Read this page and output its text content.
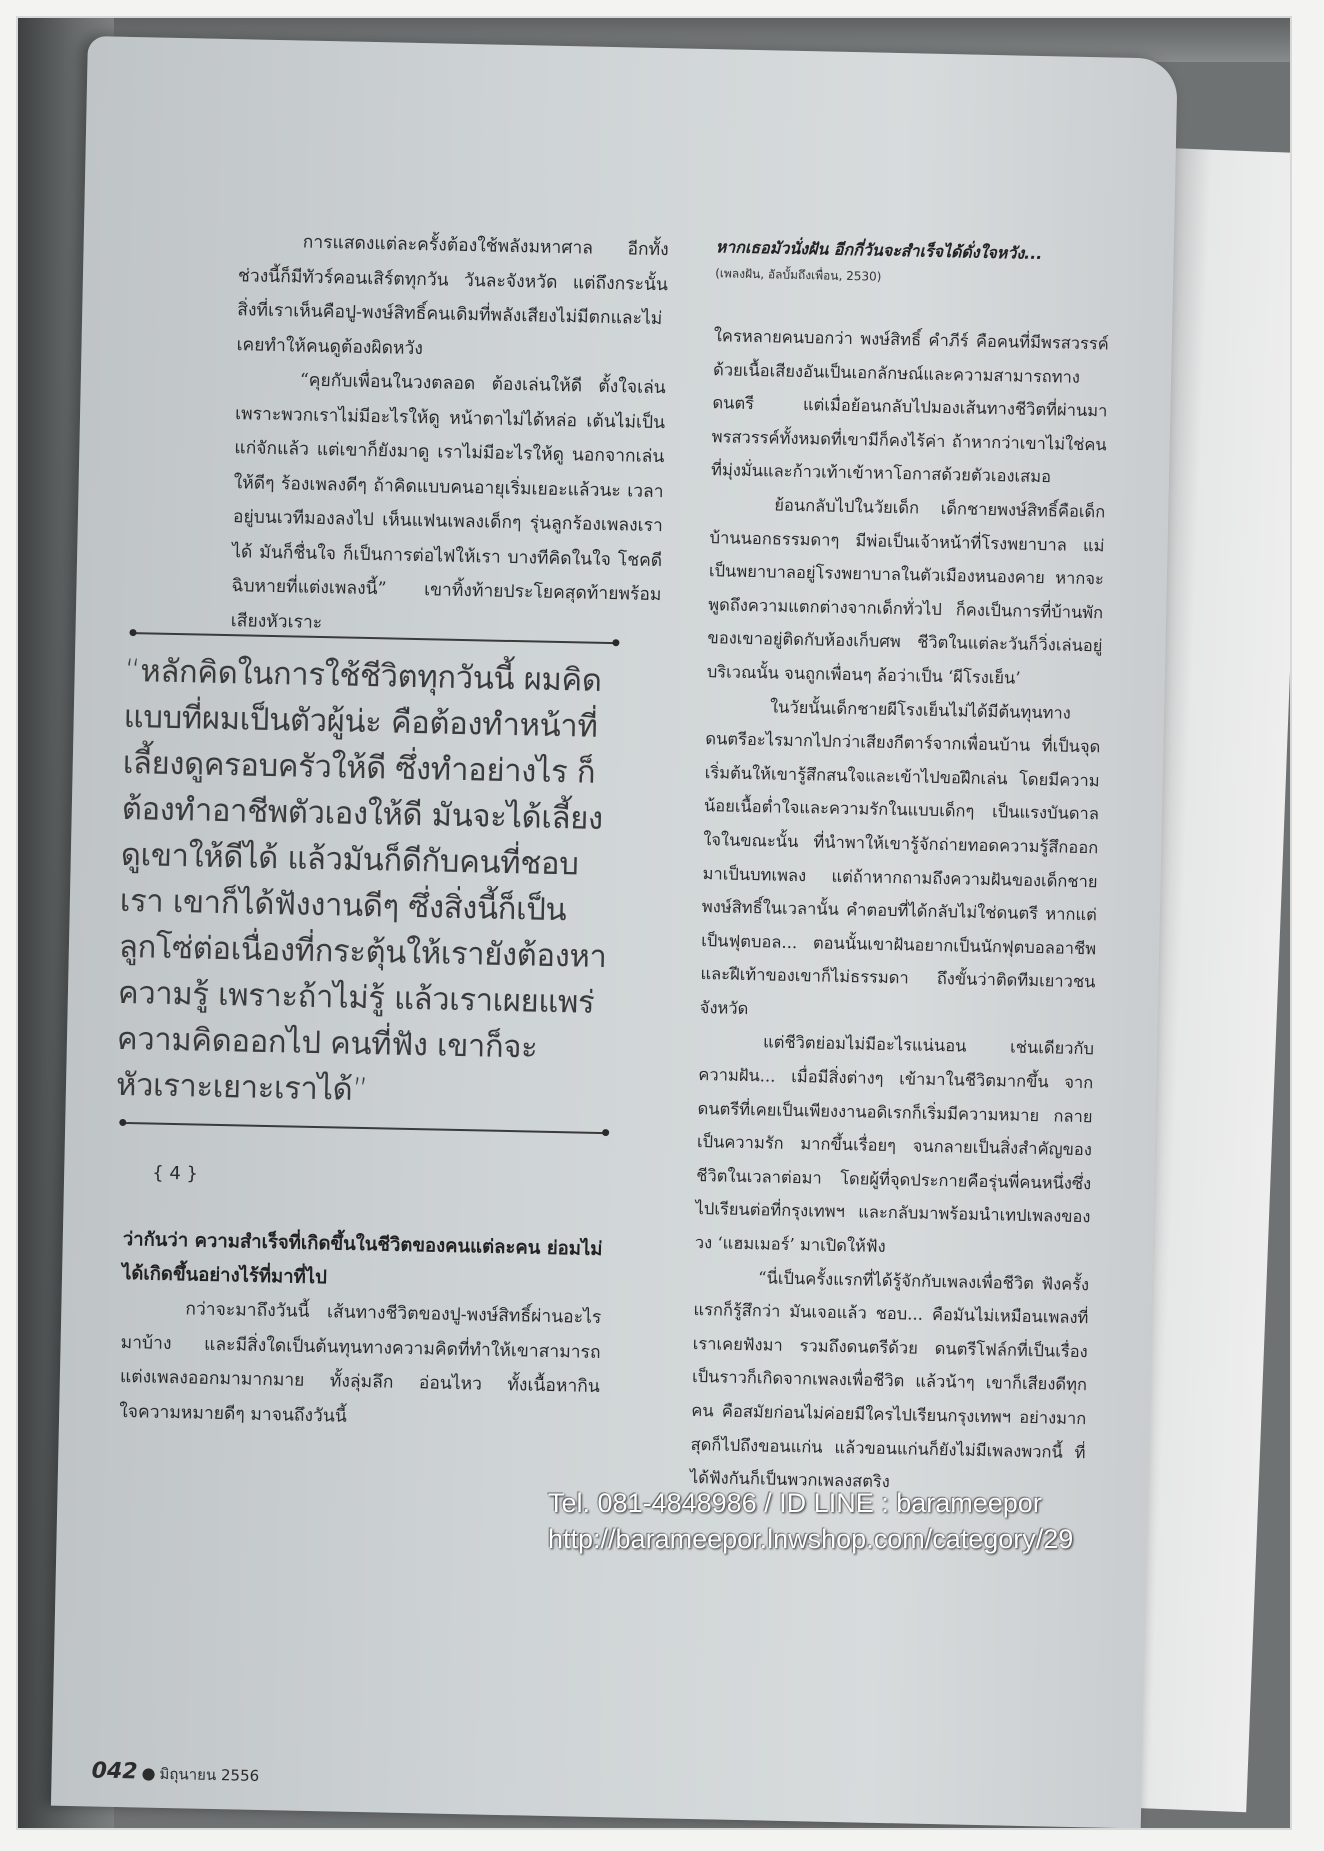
การแสดงแต่ละครั้งต้องใช้พลังมหาศาล อีกทั้งช่วงนี้ก็มีทัวร์คอนเสิร์ตทุกวัน วันละจังหวัด แต่ถึงกระนั้น สิ่งที่เราเห็นคือปู-พงษ์สิทธิ์คนเดิมที่พลังเสียงไม่มีตกและไม่เคยทำให้คนดูต้องผิดหวัง

“คุยกับเพื่อนในวงตลอด ต้องเล่นให้ดี ตั้งใจเล่น เพราะพวกเราไม่มีอะไรให้ดู หน้าตาไม่ได้หล่อ เต้นไม่เป็น แก่จักแล้ว แต่เขาก็ยังมาดู เราไม่มีอะไรให้ดู นอกจากเล่นให้ดีๆ ร้องเพลงดีๆ ถ้าคิดแบบคนอายุเริ่มเยอะแล้วนะ เวลาอยู่บนเวทีมองลงไป เห็นแฟนเพลงเด็กๆ รุ่นลูกร้องเพลงเราได้ มันก็ชื่นใจ ก็เป็นการต่อไฟให้เรา บางทีคิดในใจ โชคดีฉิบหายที่แต่งเพลงนี้” เขาทิ้งท้ายประโยคสุดท้ายพร้อมเสียงหัวเราะ

“หลักคิดในการใช้ชีวิตทุกวันนี้ ผมคิดแบบที่ผมเป็นตัวผู้น่ะ คือต้องทำหน้าที่เลี้ยงดูครอบครัวให้ดี ซึ่งทำอย่างไร ก็ต้องทำอาชีพตัวเองให้ดี มันจะได้เลี้ยงดูเขาให้ดีได้ แล้วมันก็ดีกับคนที่ชอบเรา เขาก็ได้ฟังงานดีๆ ซึ่งสิ่งนี้ก็เป็นลูกโซ่ต่อเนื่องที่กระตุ้นให้เรายังต้องหาความรู้ เพราะถ้าไม่รู้ แล้วเราเผยแพร่ความคิดออกไป คนที่ฟัง เขาก็จะหัวเราะเยาะเราได้”

{ 4 }

ว่ากันว่า ความสำเร็จที่เกิดขึ้นในชีวิตของคนแต่ละคน ย่อมไม่ได้เกิดขึ้นอย่างไร้ที่มาที่ไป

กว่าจะมาถึงวันนี้ เส้นทางชีวิตของปู-พงษ์สิทธิ์ผ่านอะไรมาบ้าง และมีสิ่งใดเป็นต้นทุนทางความคิดที่ทำให้เขาสามารถแต่งเพลงออกมามากมาย ทั้งลุ่มลึก อ่อนไหว ทั้งเนื้อหากินใจความหมายดีๆ มาจนถึงวันนี้

หากเธอมัวนั่งฝัน อีกกี่วันจะสำเร็จได้ดั่งใจหวัง...

(เพลงฝัน, อัลบั้มถึงเพื่อน, 2530)

ใครหลายคนบอกว่า พงษ์สิทธิ์ คำภีร์ คือคนที่มีพรสวรรค์ ด้วยเนื้อเสียงอันเป็นเอกลักษณ์และความสามารถทางดนตรี แต่เมื่อย้อนกลับไปมองเส้นทางชีวิตที่ผ่านมา พรสวรรค์ทั้งหมดที่เขามีก็คงไร้ค่า ถ้าหากว่าเขาไม่ใช่คนที่มุ่งมั่นและก้าวเท้าเข้าหาโอกาสด้วยตัวเองเสมอ

ย้อนกลับไปในวัยเด็ก เด็กชายพงษ์สิทธิ์คือเด็กบ้านนอกธรรมดาๆ มีพ่อเป็นเจ้าหน้าที่โรงพยาบาล แม่เป็นพยาบาลอยู่โรงพยาบาลในตัวเมืองหนองคาย หากจะพูดถึงความแตกต่างจากเด็กทั่วไป ก็คงเป็นการที่บ้านพักของเขาอยู่ติดกับห้องเก็บศพ ชีวิตในแต่ละวันก็วิ่งเล่นอยู่บริเวณนั้น จนถูกเพื่อนๆ ล้อว่าเป็น ‘ผีโรงเย็น’

ในวัยนั้นเด็กชายผีโรงเย็นไม่ได้มีต้นทุนทางดนตรีอะไรมากไปกว่าเสียงกีตาร์จากเพื่อนบ้าน ที่เป็นจุดเริ่มต้นให้เขารู้สึกสนใจและเข้าไปขอฝึกเล่น โดยมีความน้อยเนื้อต่ำใจและความรักในแบบเด็กๆ เป็นแรงบันดาลใจในขณะนั้น ที่นำพาให้เขารู้จักถ่ายทอดความรู้สึกออกมาเป็นบทเพลง แต่ถ้าหากถามถึงความฝันของเด็กชายพงษ์สิทธิ์ในเวลานั้น คำตอบที่ได้กลับไม่ใช่ดนตรี หากแต่เป็นฟุตบอล... ตอนนั้นเขาฝันอยากเป็นนักฟุตบอลอาชีพ และฝีเท้าของเขาก็ไม่ธรรมดา ถึงขั้นว่าติดทีมเยาวชนจังหวัด

แต่ชีวิตย่อมไม่มีอะไรแน่นอน เช่นเดียวกับความฝัน... เมื่อมีสิ่งต่างๆ เข้ามาในชีวิตมากขึ้น จากดนตรีที่เคยเป็นเพียงงานอดิเรกก็เริ่มมีความหมาย กลายเป็นความรัก มากขึ้นเรื่อยๆ จนกลายเป็นสิ่งสำคัญของชีวิตในเวลาต่อมา โดยผู้ที่จุดประกายคือรุ่นพี่คนหนึ่งซึ่งไปเรียนต่อที่กรุงเทพฯ และกลับมาพร้อมนำเทปเพลงของวง ‘แฮมเมอร์’ มาเปิดให้ฟัง

“นี่เป็นครั้งแรกที่ได้รู้จักกับเพลงเพื่อชีวิต ฟังครั้งแรกก็รู้สึกว่า มันเจอแล้ว ชอบ... คือมันไม่เหมือนเพลงที่เราเคยฟังมา รวมถึงดนตรีด้วย ดนตรีโฟล์กที่เป็นเรื่องเป็นราวก็เกิดจากเพลงเพื่อชีวิต แล้วน้าๆ เขาก็เสียงดีทุกคน คือสมัยก่อนไม่ค่อยมีใครไปเรียนกรุงเทพฯ อย่างมากสุดก็ไปถึงขอนแก่น แล้วขอนแก่นก็ยังไม่มีเพลงพวกนี้ ที่ได้ฟังกันก็เป็นพวกเพลงสตริง

042 ● มิถุนายน 2556
Tel. 081-4848986 / ID LINE : barameepor
http://barameepor.lnwshop.com/category/29
